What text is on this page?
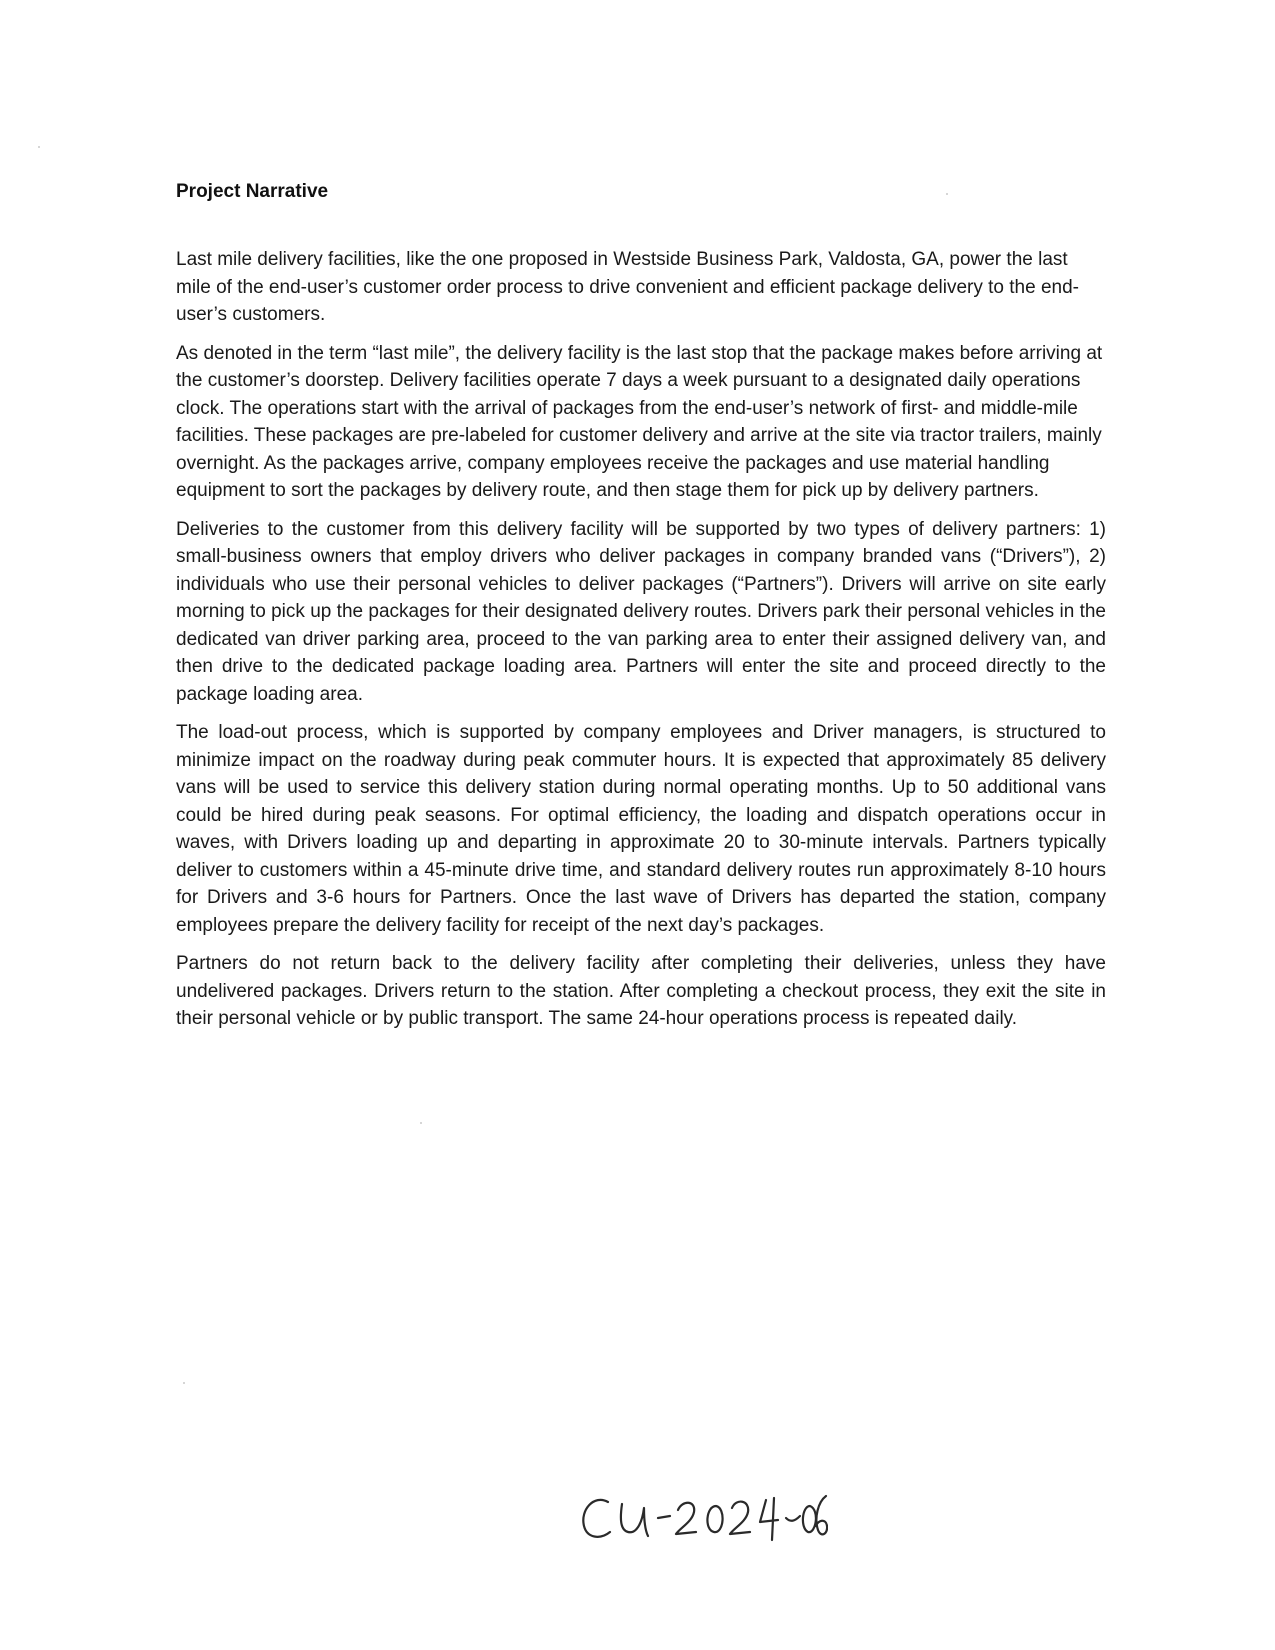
Project Narrative

Last mile delivery facilities, like the one proposed in Westside Business Park, Valdosta, GA, power the last mile of the end-user’s customer order process to drive convenient and efficient package delivery to the end-user’s customers.

As denoted in the term “last mile”, the delivery facility is the last stop that the package makes before arriving at the customer’s doorstep. Delivery facilities operate 7 days a week pursuant to a designated daily operations clock. The operations start with the arrival of packages from the end-user’s network of first- and middle-mile facilities. These packages are pre-labeled for customer delivery and arrive at the site via tractor trailers, mainly overnight. As the packages arrive, company employees receive the packages and use material handling equipment to sort the packages by delivery route, and then stage them for pick up by delivery partners.

Deliveries to the customer from this delivery facility will be supported by two types of delivery partners: 1) small-business owners that employ drivers who deliver packages in company branded vans (“Drivers”), 2) individuals who use their personal vehicles to deliver packages (“Partners”). Drivers will arrive on site early morning to pick up the packages for their designated delivery routes. Drivers park their personal vehicles in the dedicated van driver parking area, proceed to the van parking area to enter their assigned delivery van, and then drive to the dedicated package loading area. Partners will enter the site and proceed directly to the package loading area.

The load-out process, which is supported by company employees and Driver managers, is structured to minimize impact on the roadway during peak commuter hours. It is expected that approximately 85 delivery vans will be used to service this delivery station during normal operating months. Up to 50 additional vans could be hired during peak seasons. For optimal efficiency, the loading and dispatch operations occur in waves, with Drivers loading up and departing in approximate 20 to 30-minute intervals. Partners typically deliver to customers within a 45-minute drive time, and standard delivery routes run approximately 8-10 hours for Drivers and 3-6 hours for Partners. Once the last wave of Drivers has departed the station, company employees prepare the delivery facility for receipt of the next day’s packages.

Partners do not return back to the delivery facility after completing their deliveries, unless they have undelivered packages. Drivers return to the station. After completing a checkout process, they exit the site in their personal vehicle or by public transport. The same 24-hour operations process is repeated daily.
